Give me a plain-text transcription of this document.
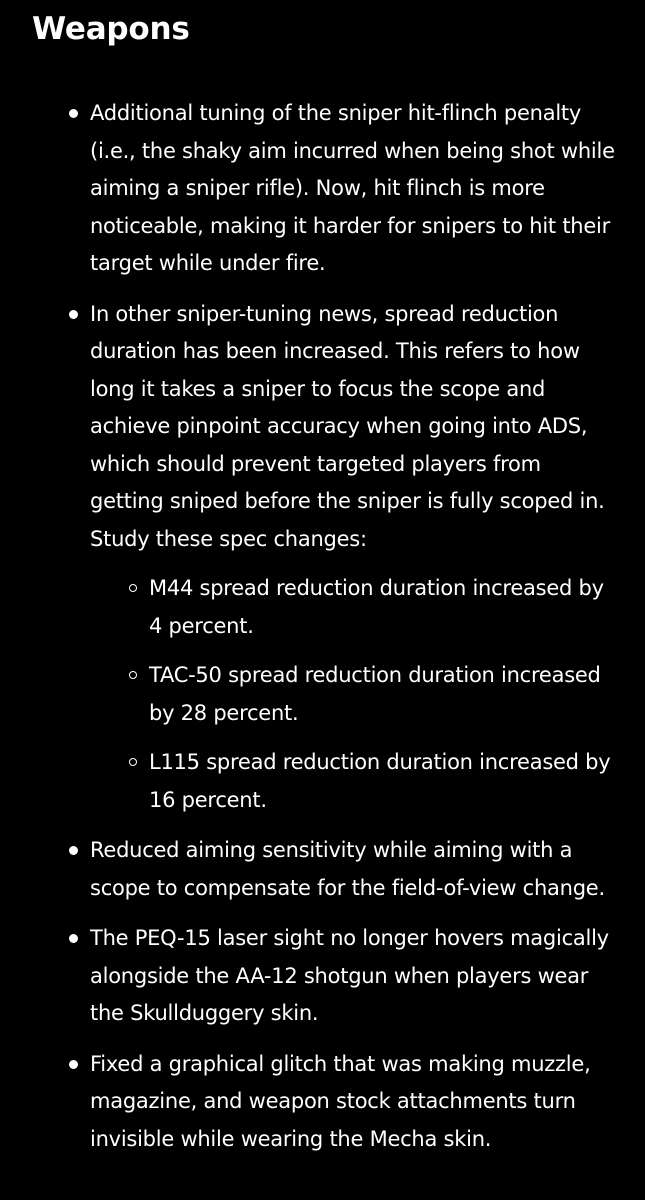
Weapons
Additional tuning of the sniper hit-flinch penalty (i.e., the shaky aim incurred when being shot while aiming a sniper rifle). Now, hit flinch is more noticeable, making it harder for snipers to hit their target while under fire.
In other sniper-tuning news, spread reduction duration has been increased. This refers to how long it takes a sniper to focus the scope and achieve pinpoint accuracy when going into ADS, which should prevent targeted players from getting sniped before the sniper is fully scoped in. Study these spec changes:
M44 spread reduction duration increased by 4 percent.
TAC-50 spread reduction duration increased by 28 percent.
L115 spread reduction duration increased by 16 percent.
Reduced aiming sensitivity while aiming with a scope to compensate for the field-of-view change.
The PEQ-15 laser sight no longer hovers magically alongside the AA-12 shotgun when players wear the Skullduggery skin.
Fixed a graphical glitch that was making muzzle, magazine, and weapon stock attachments turn invisible while wearing the Mecha skin.
